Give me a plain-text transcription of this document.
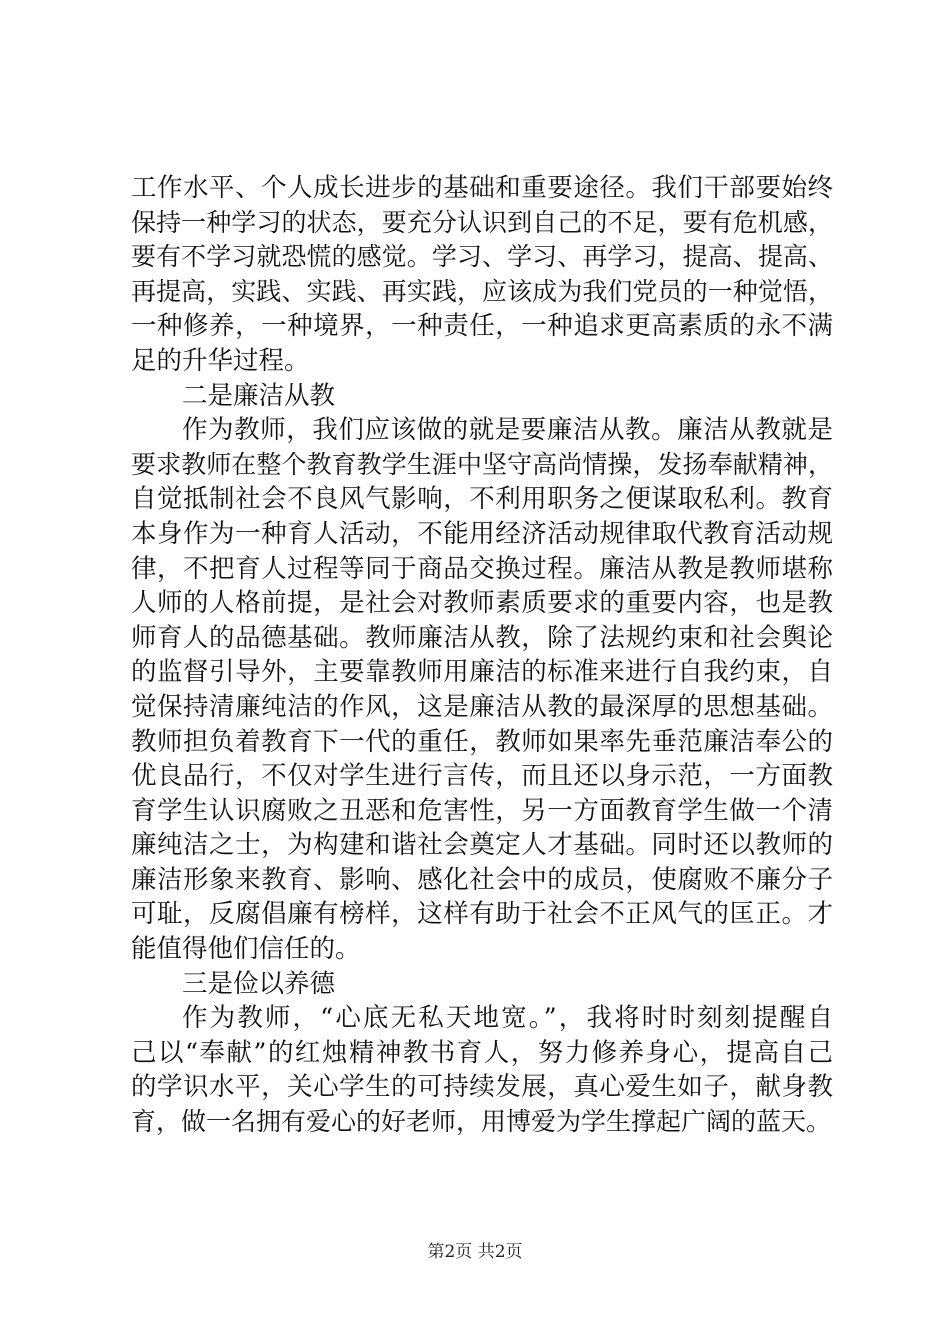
工作水平、个人成长进步的基础和重要途径。我们干部要始终
保持一种学习的状态，要充分认识到自己的不足，要有危机感，
要有不学习就恐慌的感觉。学习、学习、再学习，提高、提高、
再提高，实践、实践、再实践，应该成为我们党员的一种觉悟，
一种修养，一种境界，一种责任，一种追求更高素质的永不满
足的升华过程。
二是廉洁从教
作为教师，我们应该做的就是要廉洁从教。廉洁从教就是
要求教师在整个教育教学生涯中坚守高尚情操，发扬奉献精神，
自觉抵制社会不良风气影响，不利用职务之便谋取私利。教育
本身作为一种育人活动，不能用经济活动规律取代教育活动规
律，不把育人过程等同于商品交换过程。廉洁从教是教师堪称
人师的人格前提，是社会对教师素质要求的重要内容，也是教
师育人的品德基础。教师廉洁从教，除了法规约束和社会舆论
的监督引导外，主要靠教师用廉洁的标准来进行自我约束，自
觉保持清廉纯洁的作风，这是廉洁从教的最深厚的思想基础。
教师担负着教育下一代的重任，教师如果率先垂范廉洁奉公的
优良品行，不仅对学生进行言传，而且还以身示范，一方面教
育学生认识腐败之丑恶和危害性，另一方面教育学生做一个清
廉纯洁之士，为构建和谐社会奠定人才基础。同时还以教师的
廉洁形象来教育、影响、感化社会中的成员，使腐败不廉分子
可耻，反腐倡廉有榜样，这样有助于社会不正风气的匡正。才
能值得他们信任的。
三是俭以养德
作为教师，“心底无私天地宽。”，我将时时刻刻提醒自
己以“奉献”的红烛精神教书育人，努力修养身心，提高自己
的学识水平，关心学生的可持续发展，真心爱生如子，献身教
育，做一名拥有爱心的好老师，用博爱为学生撑起广阔的蓝天。
第2页 共2页
